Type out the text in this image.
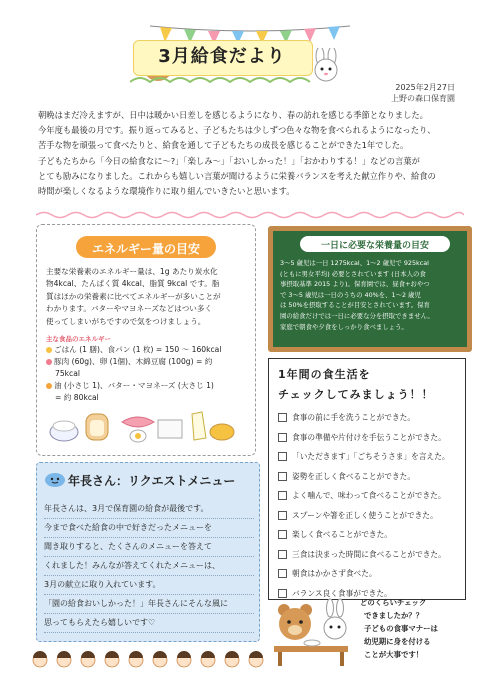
3月給食だより
2025年2月27日
上野の森口保育園

朝晩はまだ冷えますが、日中は暖かい日差しを感じるようになり、春の訪れを感じる季節となりました。

今年度も最後の月です。振り返ってみると、子どもたちは少しずつ色々な物を食べられるようになったり、

苦手な物を頑張って食べたりと、給食を通して子どもたちの成長を感じることができた1年でした。

子どもたちから「今日の給食なに〜?」「楽しみ〜」「おいしかった！」「おかわりする！」などの言葉が

とても励みになりました。これからも嬉しい言葉が聞けるように栄養バランスを考えた献立作りや、給食の

時間が楽しくなるような環境作りに取り組んでいきたいと思います。

エネルギー量の目安
主要な栄養素のエネルギー量は、1g あたり炭水化
物4kcal、たんぱく質 4kcal、脂質 9kcal です。脂
質はほかの栄養素に比べてエネルギーが多いことが
わかります。バターやマヨネーズなどはつい多く
使ってしまいがちですので気をつけましょう。
主な食品のエネルギー
ごはん (1 膳)、食パン (1 枚) = 150 〜 160kcal
豚肉 (60g)、卵 (1個)、木綿豆腐 (100g) = 約
75kcal
油 (小さじ 1)、バター・マヨネーズ (大さじ 1)
= 約 80kcal
一日に必要な栄養量の目安
3〜5 歳児は一日 1275kcal、1〜2 歳児で 925kcal
(ともに男女平均) 必要とされています (日本人の食
事摂取基準 2015 より)。保育園では、昼食+おやつ
で 3〜5 歳児は一日のうちの 40%を、1〜2 歳児
は 50%を摂取することが目安とされています。保育
園の給食だけでは一日に必要な分を摂取できません。
家庭で朝食や夕食をしっかり食べましょう。
1年間の食生活を
チェックしてみましょう！！
食事の前に手を洗うことができた。
食事の準備や片付けを手伝うことができた。
「いただきます」「ごちそうさま」を言えた。
姿勢を正しく食べることができた。
よく噛んで、味わって食べることができた。
スプーンや箸を正しく使うことができた。
楽しく食べることができた。
三食は決まった時間に食べることができた。
朝食はかかさず食べた。
バランス良く食事ができた。
どのくらいチェック
できましたか？？
子どもの食事マナーは
幼児期に身を付ける
ことが大事です！
年長さん：リクエストメニュー

年長さんは、3月で保育園の給食が最後です。

今まで食べた給食の中で好きだったメニューを

聞き取りすると、たくさんのメニューを答えて

くれました！みんなが答えてくれたメニューは、

3月の献立に取り入れています。

「園の給食おいしかった！」年長さんにそんな風に

思ってもらえたら嬉しいです♡
